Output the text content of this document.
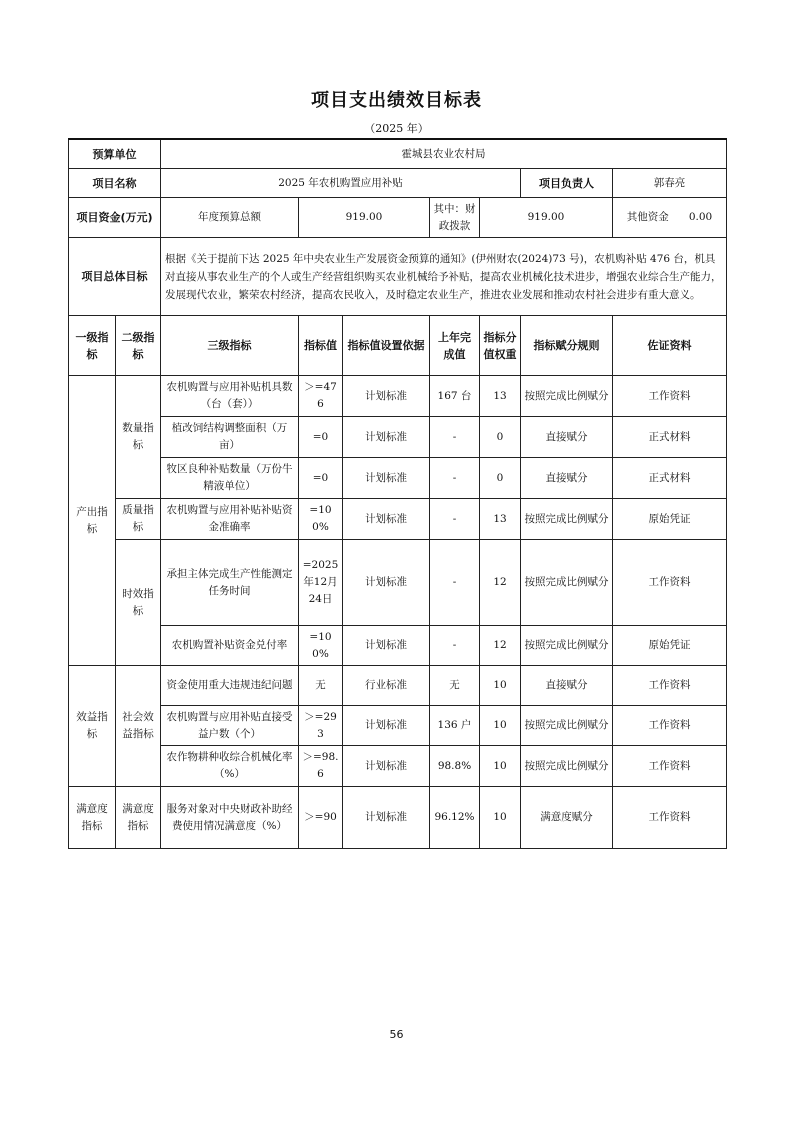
项目支出绩效目标表
（2025 年）
预算单位		霍城县农业农村局						
项目名称		2025 年农机购置应用补贴					项目负责人	郭春亮
项目资金(万元)		年度预算总额	919.00		其中：财政拨款	919.00		其他资金 0.00
项目总体目标		根据《关于提前下达 2025 年中央农业生产发展资金预算的通知》(伊州财农(2024)73 号)，农机购补贴 476 台，机具对直接从事农业生产的个人或生产经营组织购买农业机械给予补贴，提高农业机械化技术进步，增强农业综合生产能力，发展现代农业，繁荣农村经济，提高农民收入，及时稳定农业生产，推进农业发展和推动农村社会进步有重大意义。						
一级指标	二级指标	三级指标	指标值	指标值设置依据	上年完成值	指标分值权重	指标赋分规则	佐证资料
产出指标	数量指标	农机购置与应用补贴机具数（台（套））	＞=476	计划标准	167 台	13	按照完成比例赋分	工作资料
		植改饲结构调整面积（万亩）	=0	计划标准	-	0	直接赋分	正式材料
		牧区良种补贴数量（万份牛精液单位）	=0	计划标准	-	0	直接赋分	正式材料
	质量指标	农机购置与应用补贴补贴资金准确率	=100%	计划标准	-	13	按照完成比例赋分	原始凭证
	时效指标	承担主体完成生产性能测定任务时间	=2025年12月24日	计划标准	-	12	按照完成比例赋分	工作资料
		农机购置补贴资金兑付率	=100%	计划标准	-	12	按照完成比例赋分	原始凭证
效益指标	社会效益指标	资金使用重大违规违纪问题	无	行业标准	无	10	直接赋分	工作资料
		农机购置与应用补贴直接受益户数（个）	＞=293	计划标准	136 户	10	按照完成比例赋分	工作资料
		农作物耕种收综合机械化率（%）	＞=98.6	计划标准	98.8%	10	按照完成比例赋分	工作资料
满意度指标	满意度指标	服务对象对中央财政补助经费使用情况满意度（%）	＞=90	计划标准	96.12%	10	满意度赋分	工作资料
56
